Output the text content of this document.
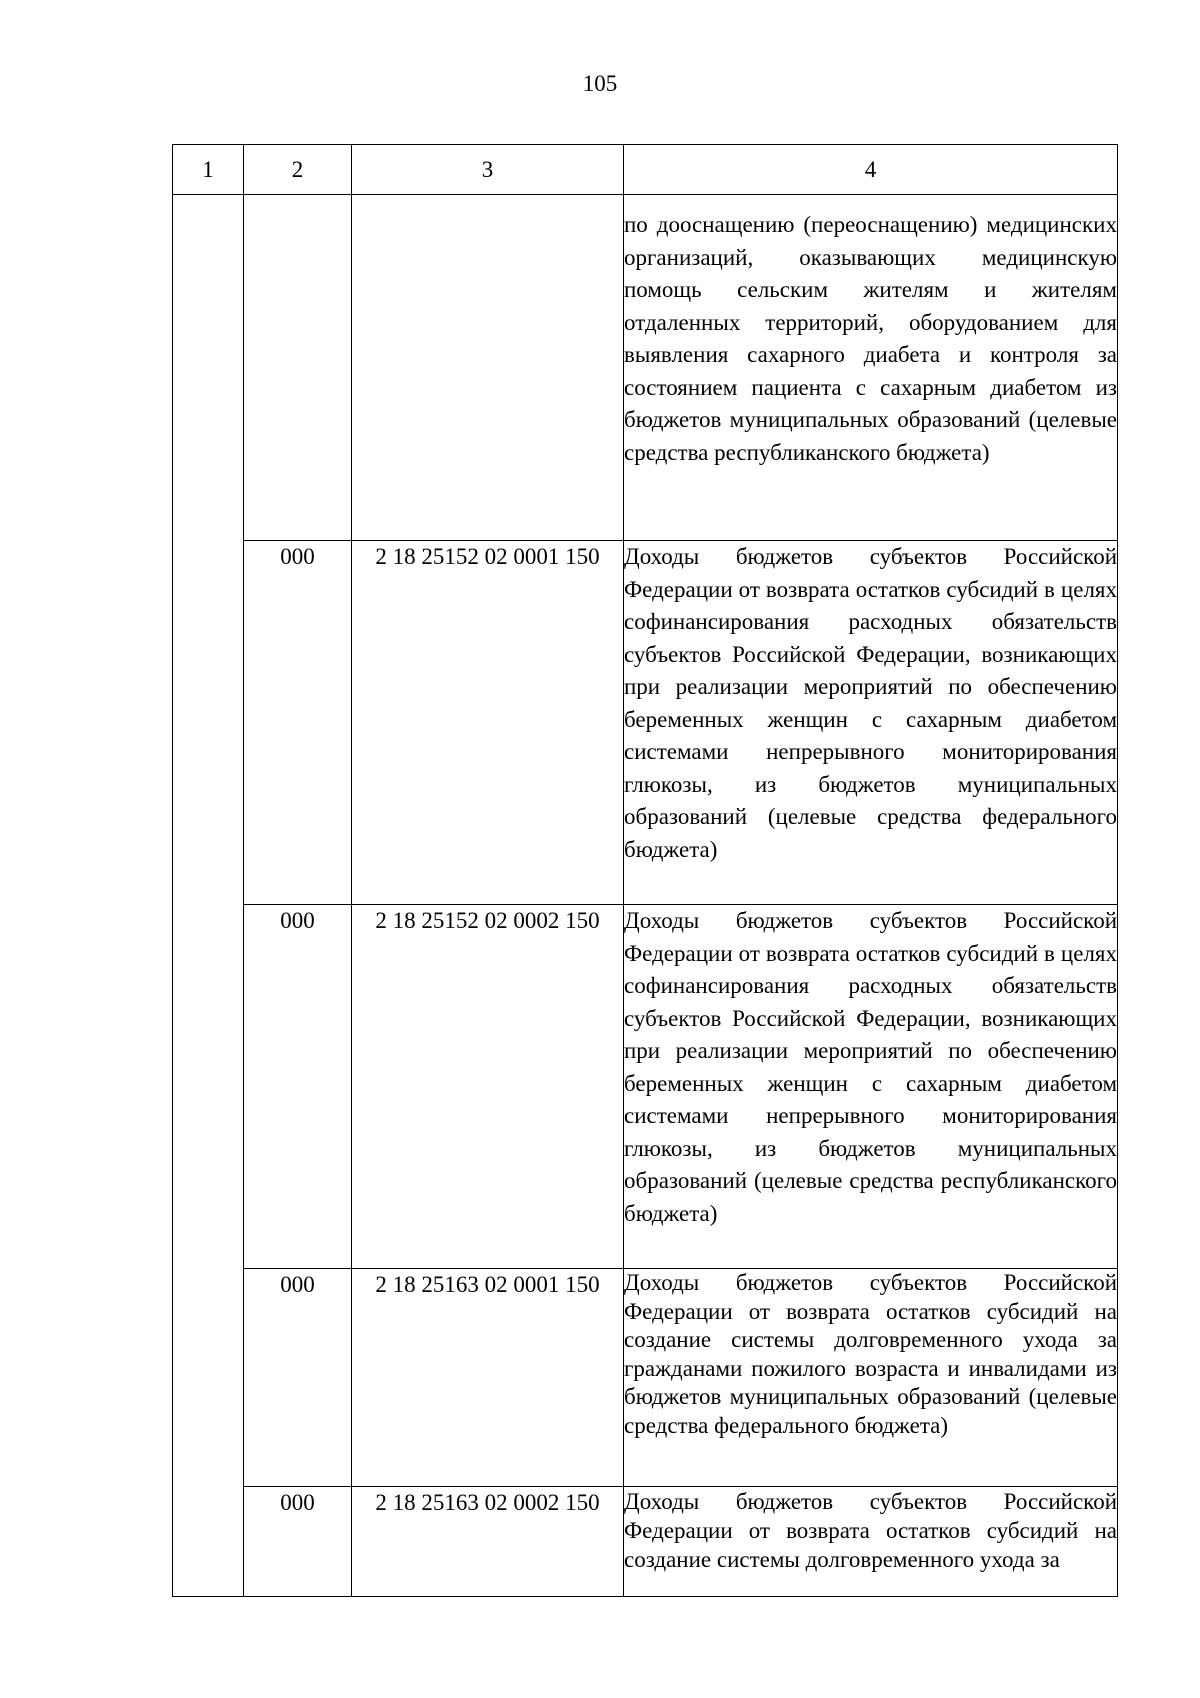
105
1	2	3	4
			по дооснащению (переоснащению) медицинских организаций, оказывающих медицинскую помощь сельским жителям и жителям отдаленных территорий, оборудованием для выявления сахарного диабета и контроля за состоянием пациента с сахарным диабетом из бюджетов муниципальных образований (целевые средства республиканского бюджета)
	000	2 18 25152 02 0001 150	Доходы бюджетов субъектов Российской Федерации от возврата остатков субсидий в целях софинансирования расходных обязательств субъектов Российской Федерации, возникающих при реализации мероприятий по обеспечению беременных женщин с сахарным диабетом системами непрерывного мониторирования глюкозы, из бюджетов муниципальных образований (целевые средства федерального бюджета)
	000	2 18 25152 02 0002 150	Доходы бюджетов субъектов Российской Федерации от возврата остатков субсидий в целях софинансирования расходных обязательств субъектов Российской Федерации, возникающих при реализации мероприятий по обеспечению беременных женщин с сахарным диабетом системами непрерывного мониторирования глюкозы, из бюджетов муниципальных образований (целевые средства республиканского бюджета)
	000	2 18 25163 02 0001 150	Доходы бюджетов субъектов Российской Федерации от возврата остатков субсидий на создание системы долговременного ухода за гражданами пожилого возраста и инвалидами из бюджетов муниципальных образований (целевые средства федерального бюджета)
	000	2 18 25163 02 0002 150	Доходы бюджетов субъектов Российской Федерации от возврата остатков субсидий на создание системы долговременного ухода за
